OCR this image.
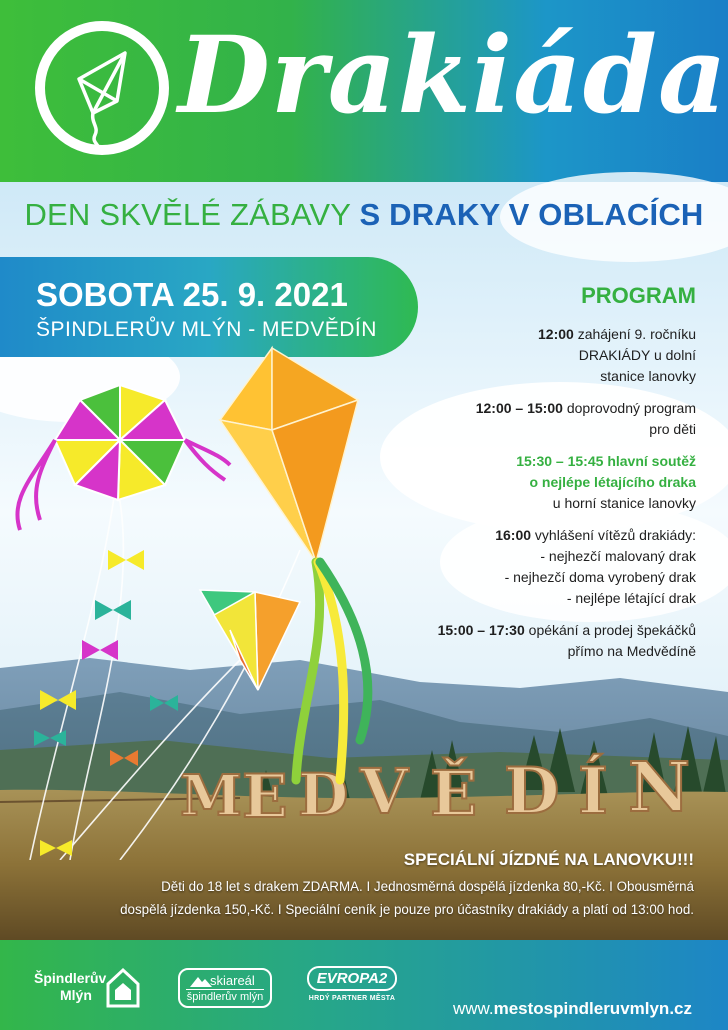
Drakiáda
DEN SKVĚLÉ ZÁBAVY S DRAKY V OBLACÍCH
SOBOTA 25. 9. 2021
ŠPINDLERŮV MLÝN - MEDVĚDÍN
M E D V Ě D Í N
PROGRAM
12:00 zahájení 9. ročníku
DRAKIÁDY u dolní
stanice lanovky
12:00 – 15:00 doprovodný program
pro děti
15:30 – 15:45 hlavní soutěž
o nejlépe létajícího draka
u horní stanice lanovky
16:00 vyhlášení vítězů drakiády:
- nejhezčí malovaný drak
- nejhezčí doma vyrobený drak
- nejlépe létající drak
15:00 – 17:30 opékání a prodej špekáčků
přímo na Medvědíně
SPECIÁLNÍ JÍZDNÉ NA LANOVKU!!!
Děti do 18 let s drakem ZDARMA. I Jednosměrná dospělá jízdenka 80,-Kč. I Obousměrná
dospělá jízdenka 150,-Kč. I Speciální ceník je pouze pro účastníky drakiády a platí od 13:00 hod.
Špindlerův
Mlýn
skiareál
špindlerův mlýn
EVROPA2
HRDÝ PARTNER MĚSTA
www.mestospindleruvmlyn.cz
